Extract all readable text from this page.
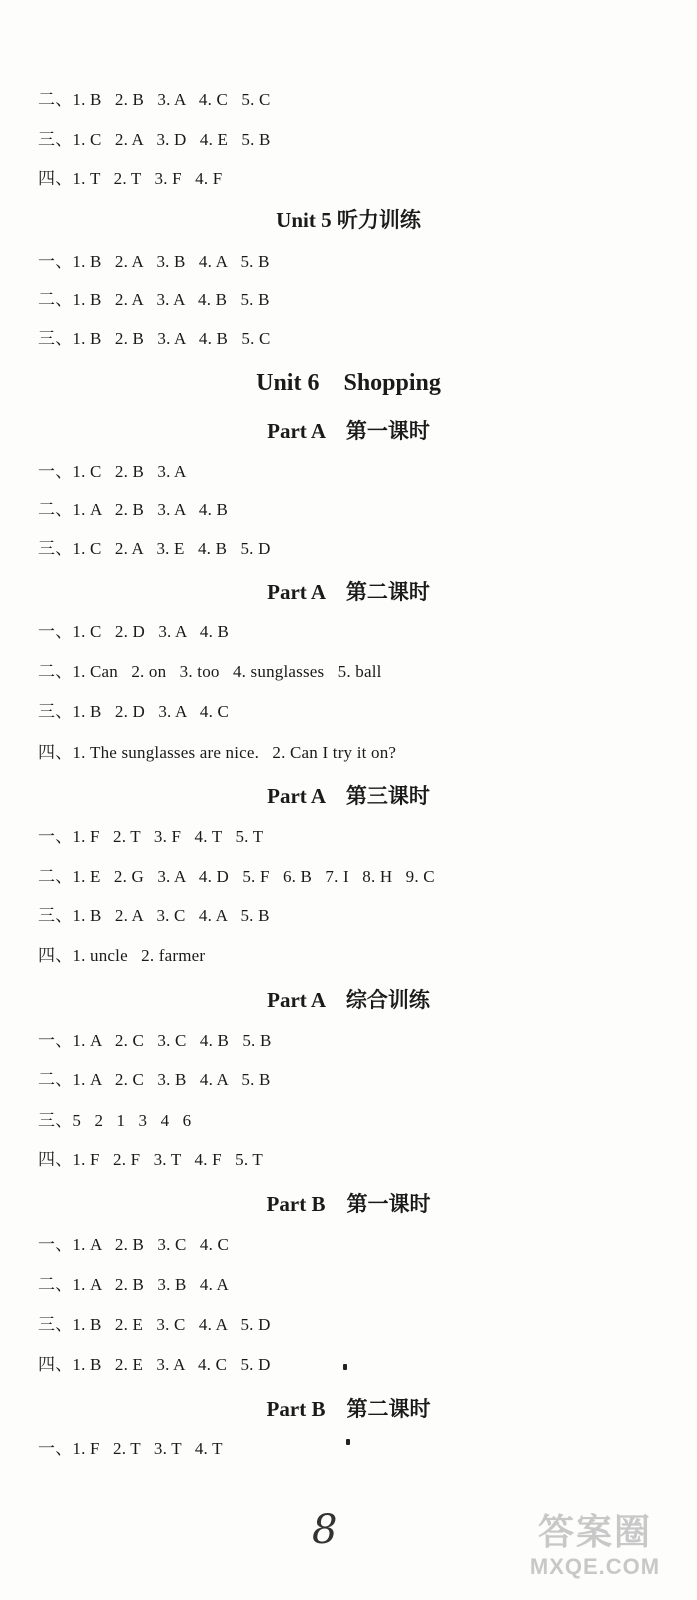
二、1. B   2. B   3. A   4. C   5. C
三、1. C   2. A   3. D   4. E   5. B
四、1. T   2. T   3. F   4. F
Unit 5 听力训练
一、1. B   2. A   3. B   4. A   5. B
二、1. B   2. A   3. A   4. B   5. B
三、1. B   2. B   3. A   4. B   5. C
Unit 6    Shopping
Part A    第一课时
一、1. C   2. B   3. A
二、1. A   2. B   3. A   4. B
三、1. C   2. A   3. E   4. B   5. D
Part A    第二课时
一、1. C   2. D   3. A   4. B
二、1. Can   2. on   3. too   4. sunglasses   5. ball
三、1. B   2. D   3. A   4. C
四、1. The sunglasses are nice.   2. Can I try it on?
Part A    第三课时
一、1. F   2. T   3. F   4. T   5. T
二、1. E   2. G   3. A   4. D   5. F   6. B   7. I   8. H   9. C
三、1. B   2. A   3. C   4. A   5. B
四、1. uncle   2. farmer
Part A    综合训练
一、1. A   2. C   3. C   4. B   5. B
二、1. A   2. C   3. B   4. A   5. B
三、5   2   1   3   4   6
四、1. F   2. F   3. T   4. F   5. T
Part B    第一课时
一、1. A   2. B   3. C   4. C
二、1. A   2. B   3. B   4. A
三、1. B   2. E   3. C   4. A   5. D
四、1. B   2. E   3. A   4. C   5. D
Part B    第二课时
一、1. F   2. T   3. T   4. T
8	答案圈
MXQE.COM
